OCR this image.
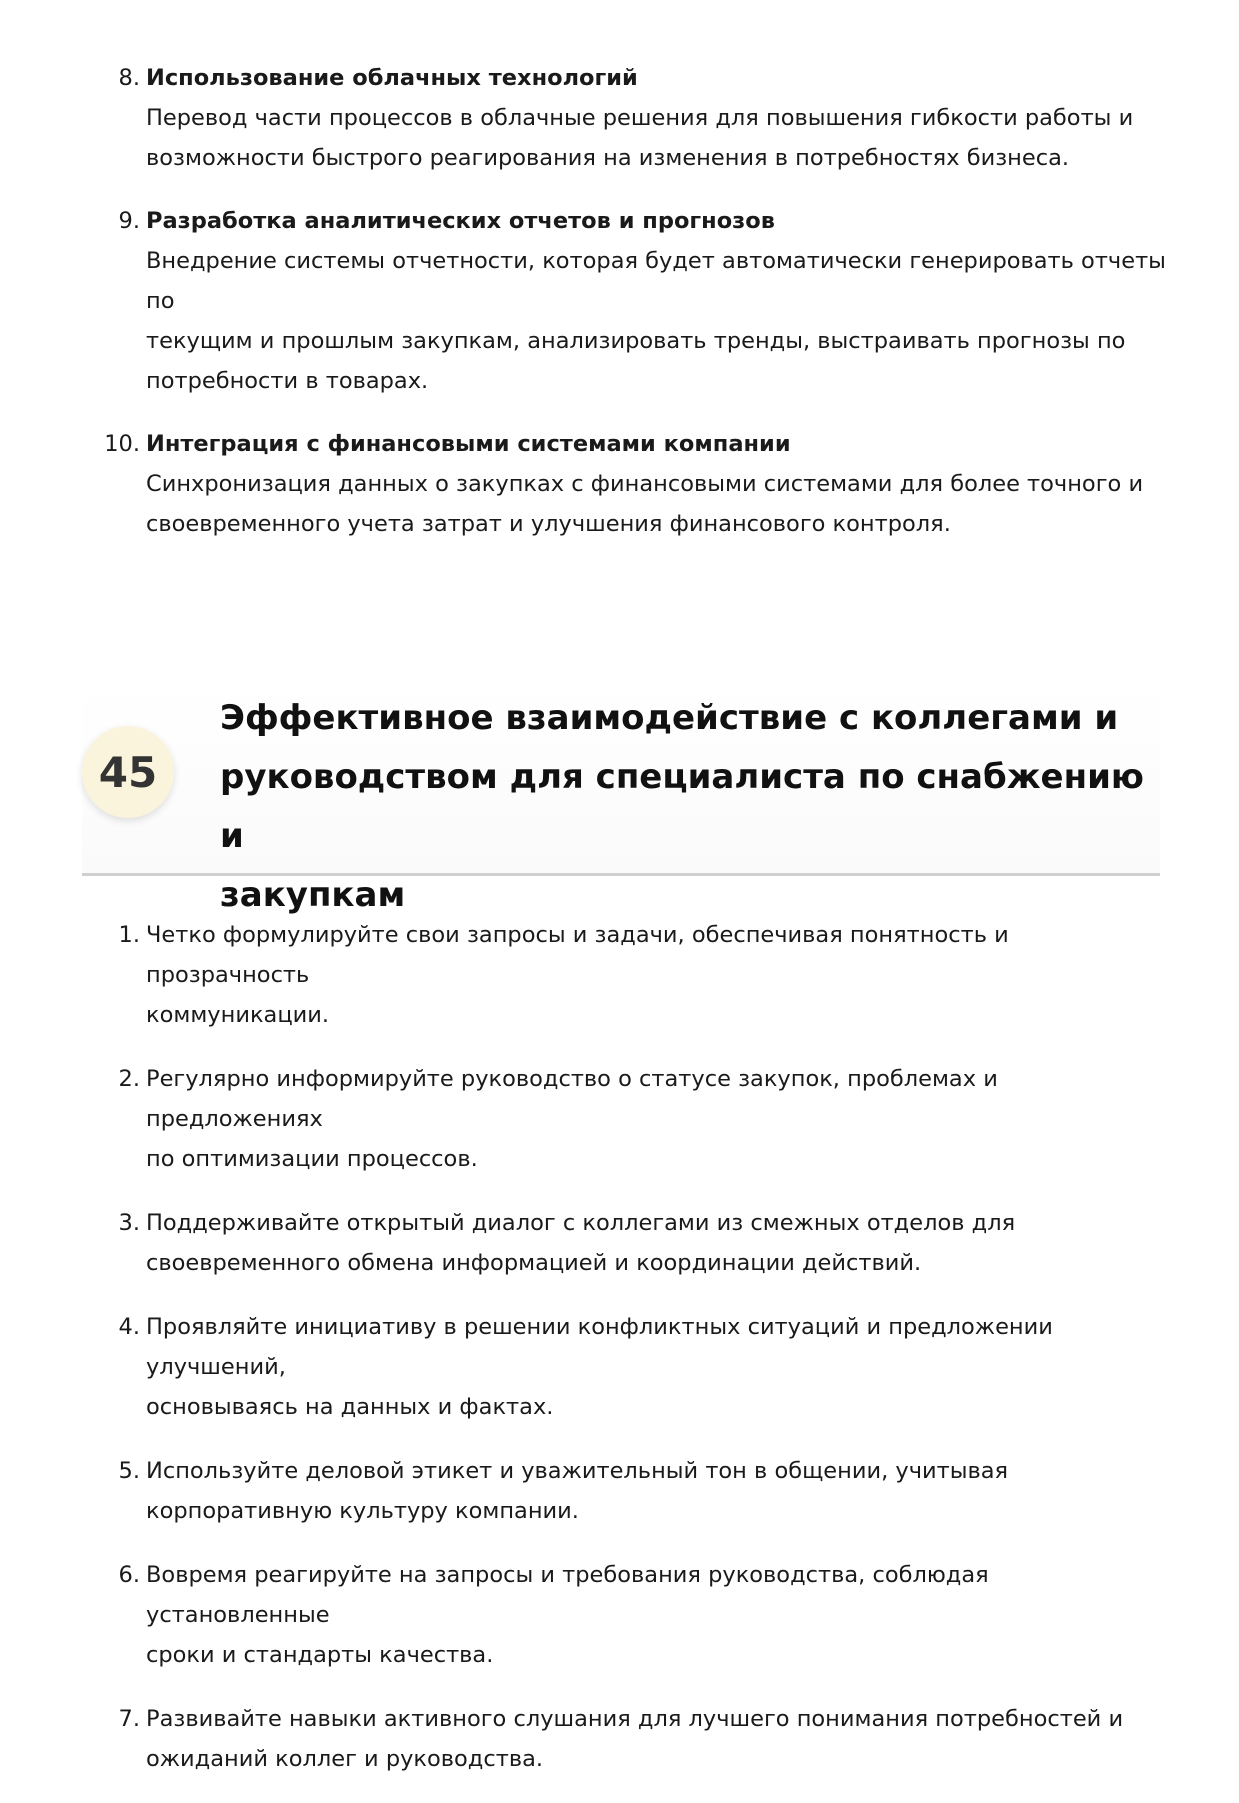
8. Использование облачных технологий
Перевод части процессов в облачные решения для повышения гибкости работы и
возможности быстрого реагирования на изменения в потребностях бизнеса.
9. Разработка аналитических отчетов и прогнозов
Внедрение системы отчетности, которая будет автоматически генерировать отчеты по
текущим и прошлым закупкам, анализировать тренды, выстраивать прогнозы по
потребности в товарах.
10. Интеграция с финансовыми системами компании
Синхронизация данных о закупках с финансовыми системами для более точного и
своевременного учета затрат и улучшения финансового контроля.
45
Эффективное взаимодействие с коллегами и
руководством для специалиста по снабжению и
закупкам
1. Четко формулируйте свои запросы и задачи, обеспечивая понятность и прозрачность
коммуникации.
2. Регулярно информируйте руководство о статусе закупок, проблемах и предложениях
по оптимизации процессов.
3. Поддерживайте открытый диалог с коллегами из смежных отделов для
своевременного обмена информацией и координации действий.
4. Проявляйте инициативу в решении конфликтных ситуаций и предложении улучшений,
основываясь на данных и фактах.
5. Используйте деловой этикет и уважительный тон в общении, учитывая
корпоративную культуру компании.
6. Вовремя реагируйте на запросы и требования руководства, соблюдая установленные
сроки и стандарты качества.
7. Развивайте навыки активного слушания для лучшего понимания потребностей и
ожиданий коллег и руководства.
